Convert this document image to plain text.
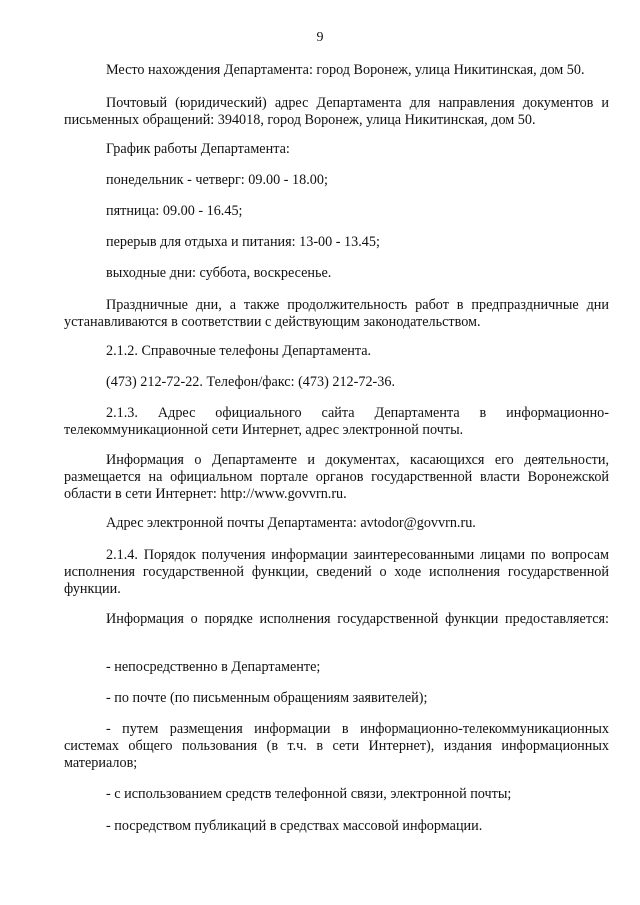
9

Место нахождения Департамента: город Воронеж, улица Никитинская, дом 50.

Почтовый (юридический) адрес Департамента для направления документов и письменных обращений: 394018, город Воронеж, улица Никитинская, дом 50.

График работы Департамента:

понедельник - четверг: 09.00 - 18.00;

пятница: 09.00 - 16.45;

перерыв для отдыха и питания: 13-00 - 13.45;

выходные дни: суббота, воскресенье.

Праздничные дни, а также продолжительность работ в предпраздничные дни устанавливаются в соответствии с действующим законодательством.

2.1.2. Справочные телефоны Департамента.

(473) 212-72-22. Телефон/факс: (473) 212-72-36.

2.1.3. Адрес официального сайта Департамента в информационно-телекоммуникационной сети Интернет, адрес электронной почты.

Информация о Департаменте и документах, касающихся его деятельности, размещается на официальном портале органов государственной власти Воронежской области в сети Интернет: http://www.govvrn.ru.

Адрес электронной почты Департамента: avtodor@govvrn.ru.

2.1.4. Порядок получения информации заинтересованными лицами по вопросам исполнения государственной функции, сведений о ходе исполнения государственной функции.

Информация о порядке исполнения государственной функции предоставляется:

- непосредственно в Департаменте;

- по почте (по письменным обращениям заявителей);

- путем размещения информации в информационно-телекоммуникационных системах общего пользования (в т.ч. в сети Интернет), издания информационных материалов;

- с использованием средств телефонной связи, электронной почты;

- посредством публикаций в средствах массовой информации.
